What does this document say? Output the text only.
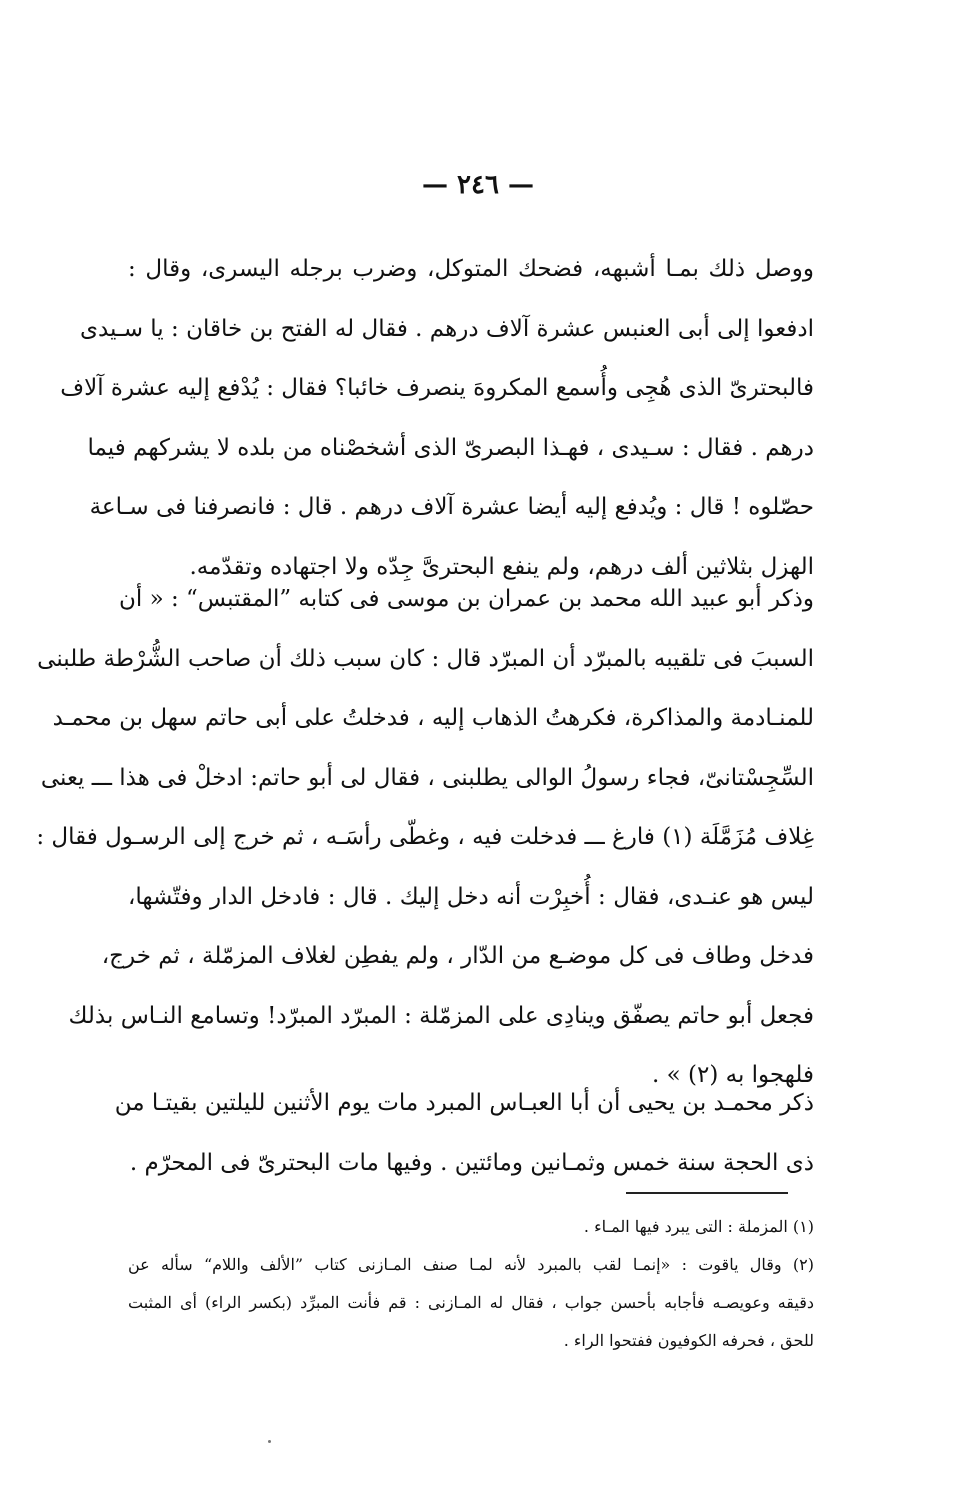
— ٢٤٦ —
ووصل ذلك بمـا أشبهه، فضحك المتوكل، وضرب برجله اليسرى، وقال :
ادفعوا إلى أبى العنبس عشرة آلاف درهم . فقال له الفتح بن خاقان : يا سـيدى
فالبحترىّ الذى هُجِى وأُسمع المكروهَ ينصرف خائبا؟ فقال : يُدْفع إليه عشرة آلاف
درهم . فقال : سـيدى ، فهـذا البصرىّ الذى أشخصْناه من بلده لا يشركهم فيما
حصّلوه ! قال : ويُدفع إليه أيضا عشرة آلاف درهم . قال : فانصرفنا فى سـاعة
الهزل بثلاثين ألف درهم، ولم ينفع البحترىَّ جِدّه ولا اجتهاده وتقدّمه.
وذكر أبو عبيد الله محمد بن عمران بن موسى فى كتابه ”المقتبس“ : « أن
السببَ فى تلقيبه بالمبرّد أن المبرّد قال : كان سبب ذلك أن صاحب الشُّرْطة طلبنى
للمنـادمة والمذاكرة، فكرهتُ الذهاب إليه ، فدخلتُ على أبى حاتم سهل بن محمـد
السِّجِسْتانىّ، فجاء رسولُ الوالى يطلبنى ، فقال لى أبو حاتم: ادخلْ فى هذا ـــ يعنى
غِلاف مُزَمَّلَة (١) فارغ ـــ فدخلت فيه ، وغطّى رأسَـه ، ثم خرج إلى الرسـول فقال :
ليس هو عنـدى، فقال : أُخبِرْت أنه دخل إليك . قال : فادخل الدار وفتّشها،
فدخل وطاف فى كل موضـع من الدّار ، ولم يفطِن لغلاف المزمّلة ، ثم خرج،
فجعل أبو حاتم يصفّق وينادِى على المزمّلة : المبرّد المبرّد! وتسامع النـاس بذلك
فلهجوا به (٢) » .
ذكر محمـد بن يحيى أن أبا العبـاس المبرد مات يوم الأثنين لليلتين بقيتـا من
ذى الحجة سنة خمس وثمـانين ومائتين . وفيها مات البحترىّ فى المحرّم .
(١) المزملة : التى يبرد فيها المـاء .
(٢) وقال ياقوت : «إنمـا لقب بالمبرد لأنه لمـا صنف المـازنى كتاب ”الألف واللام“ سأله عن
دقيقه وعويصـه فأجابه بأحسن جواب ، فقال له المـازنى : قم فأنت المبرِّد (بكسر الراء) أى المثبت
للحق ، فحرفه الكوفيون ففتحوا الراء .
